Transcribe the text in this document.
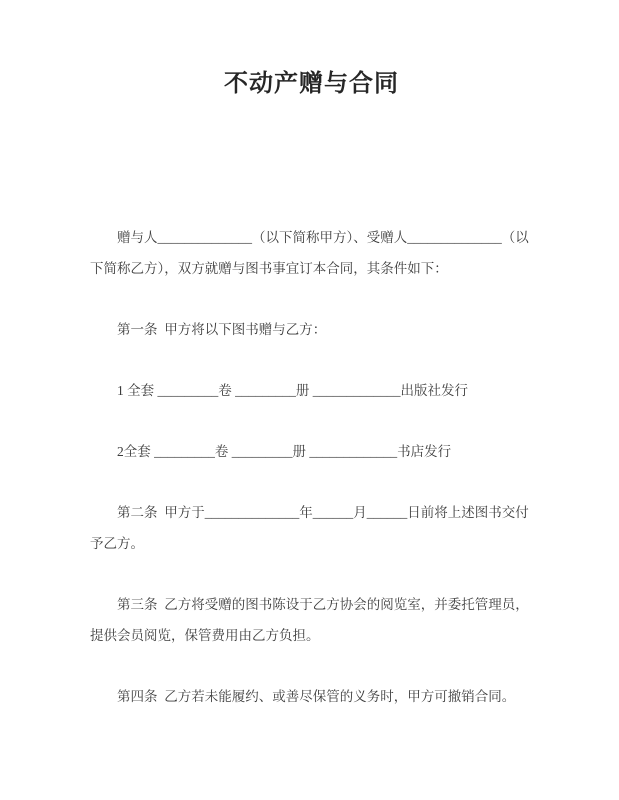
不动产赠与合同

赠与人______________（以下简称甲方）、受赠人______________（以下简称乙方），双方就赠与图书事宜订本合同，其条件如下：

第一条  甲方将以下图书赠与乙方：

1 全套 _________卷 _________册 _____________出版社发行

2全套 _________卷 _________册 _____________书店发行

第二条  甲方于______________年______月______日前将上述图书交付予乙方。

第三条  乙方将受赠的图书陈设于乙方协会的阅览室，并委托管理员，提供会员阅览，保管费用由乙方负担。

第四条  乙方若未能履约、或善尽保管的义务时，甲方可撤销合同。
